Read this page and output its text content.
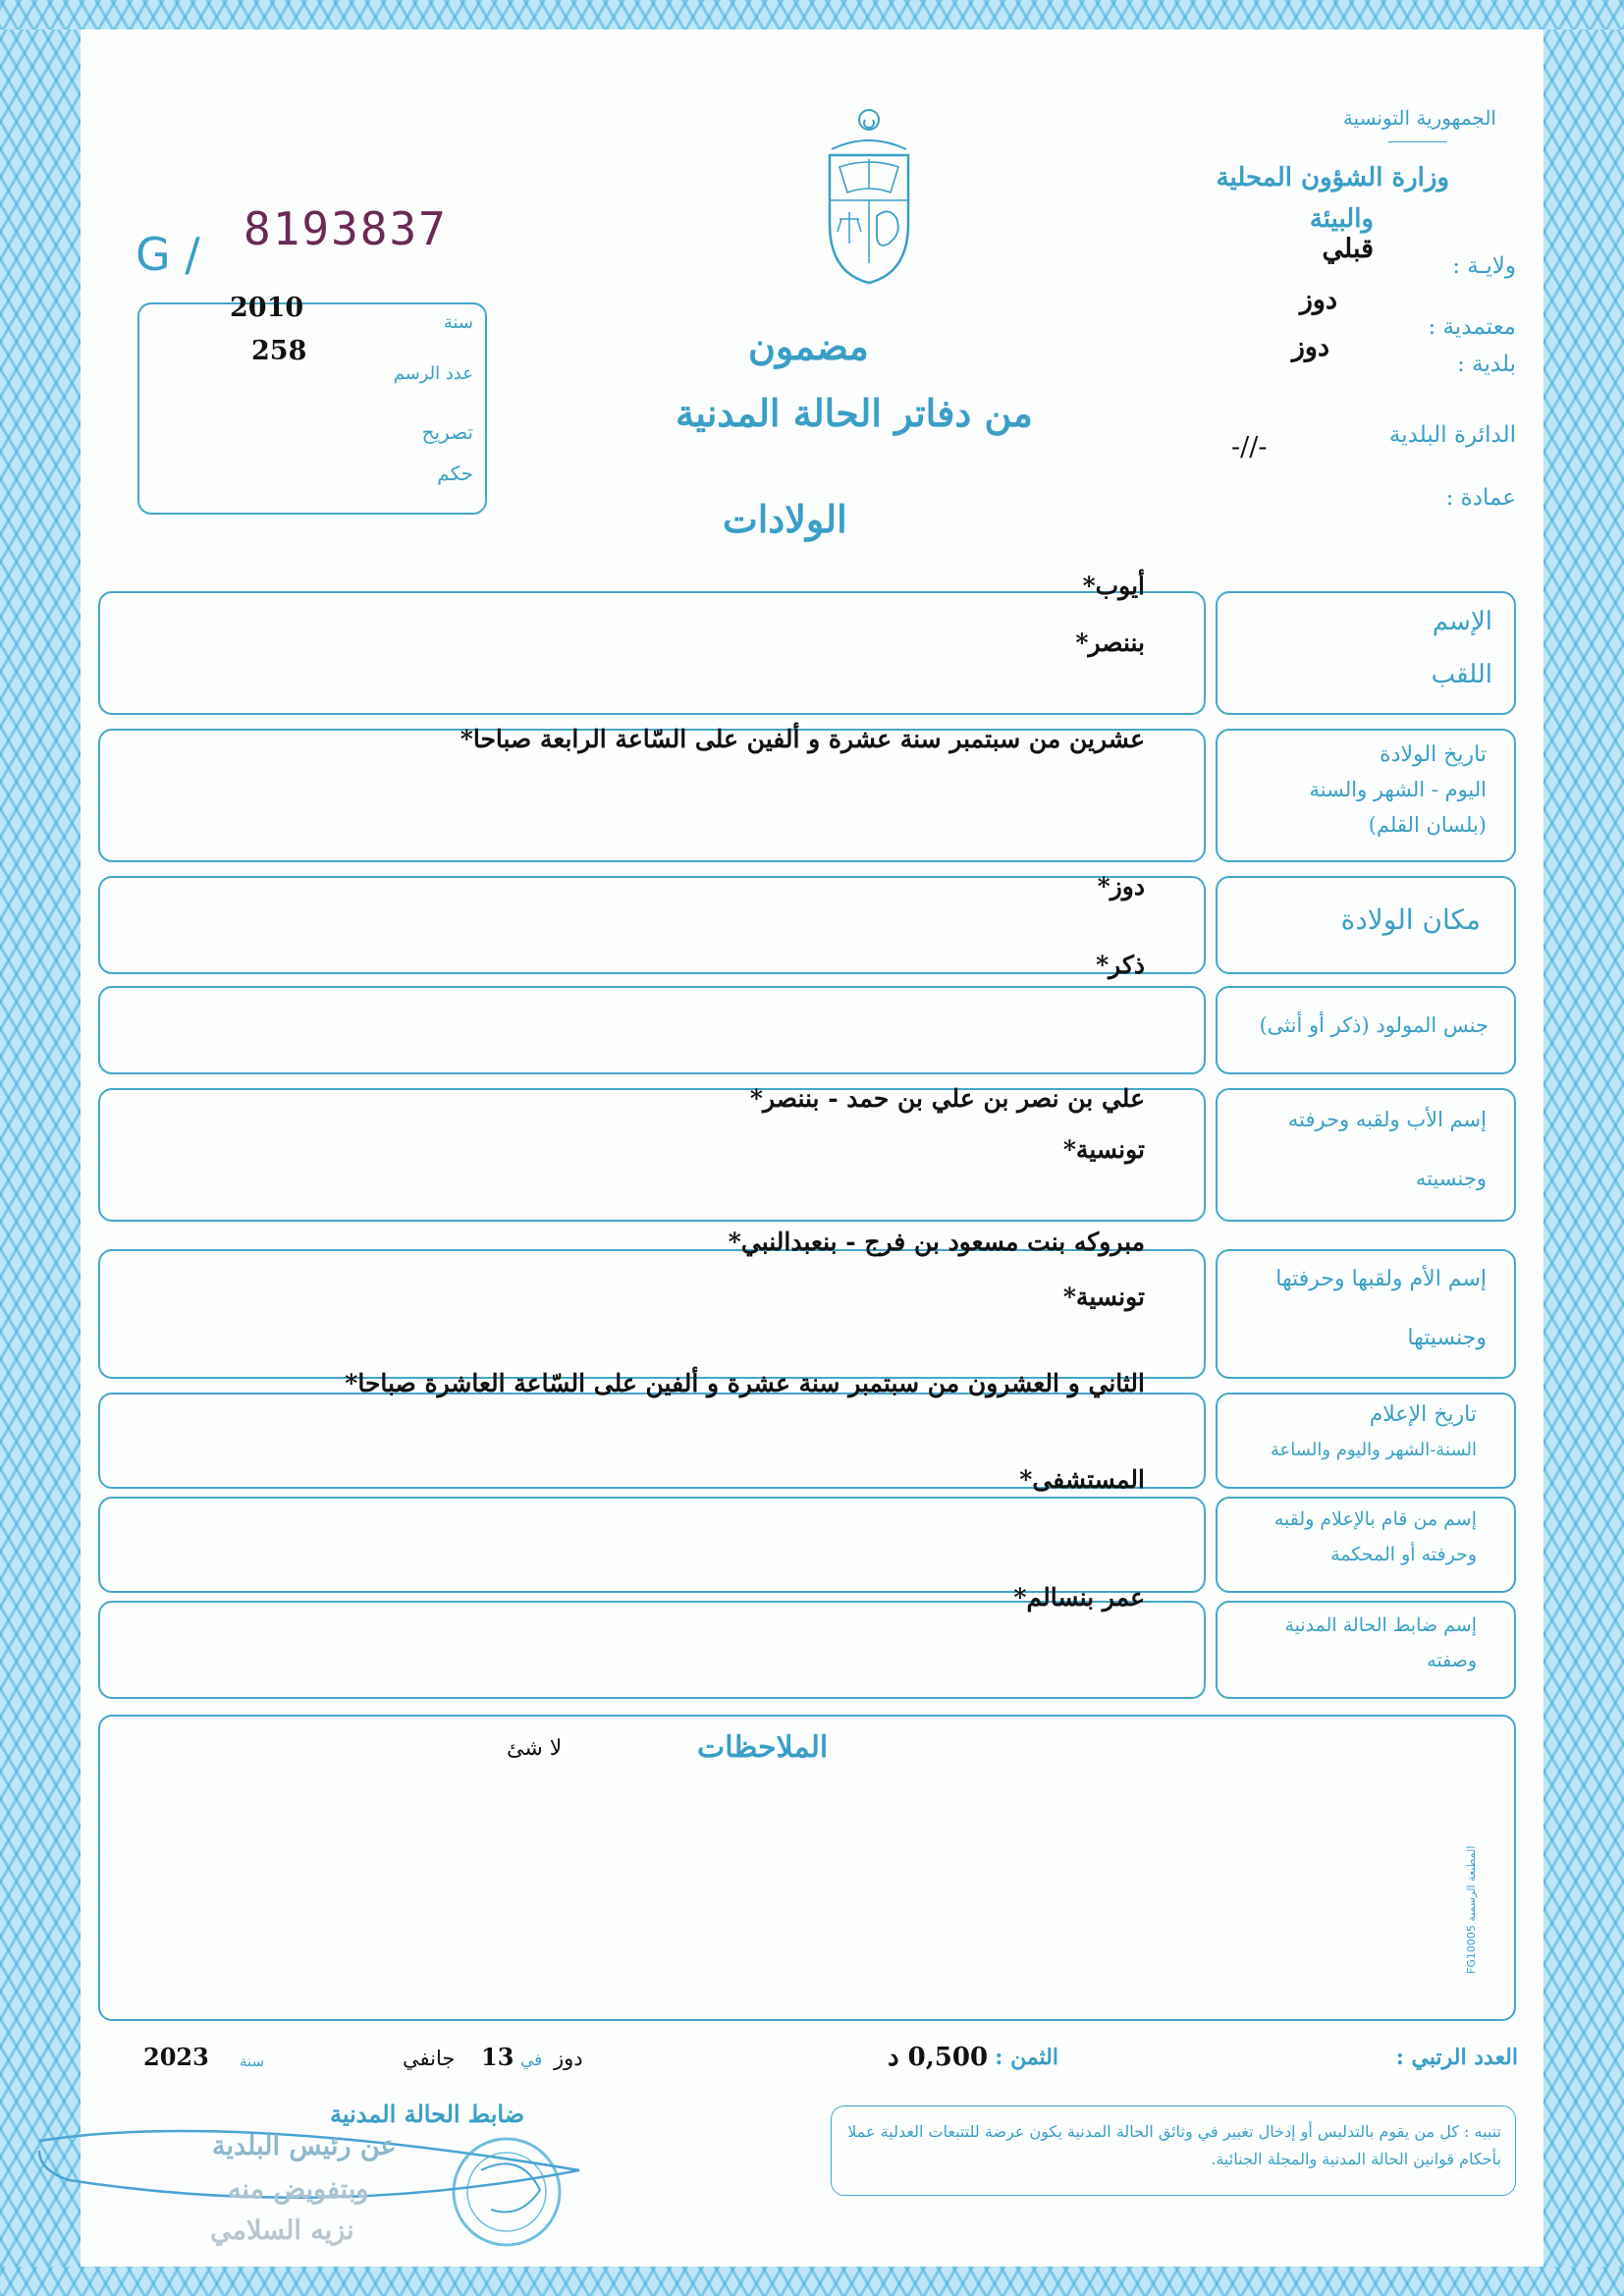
G / 8193837
2010	سنة
258
عدد الرسم
تصريح
حكم
الجمهورية التونسية
وزارة الشؤون المحلية
والبيئة
ولايـة :
قبلي
معتمدية :
دوز
بلدية :
دوز
الدائرة البلدية
-//-
عمادة :
مضمون
من دفاتر الحالة المدنية
الولادات
الإسم
اللقب
أيوب*
بننصر*
تاريخ الولادة
اليوم - الشهر والسنة
(بلسان القلم)
عشرين من سبتمبر سنة عشرة و ألفين على السّاعة الرابعة صباحا*
مكان الولادة
دوز*
ذكر*
جنس المولود (ذكر أو أنثى)
إسم الأب ولقبه وحرفته
وجنسيته
علي بن نصر بن علي بن حمد - بننصر*
تونسية*
إسم الأم ولقبها وحرفتها
وجنسيتها
مبروكه بنت مسعود بن فرج - بنعبدالنبي*
تونسية*
تاريخ الإعلام
السنة-الشهر واليوم والساعة
الثاني و العشرون من سبتمبر سنة عشرة و ألفين على السّاعة العاشرة صباحا*
المستشفى*
إسم من قام بالإعلام ولقبه
وحرفته أو المحكمة
إسم ضابط الحالة المدنية
وصفته
عمر بنسالم*
الملاحظات
لا شئ
المطبعة الرسمية FG10005
العدد الرتبي :
الثمن :
0,500 د
دوز
في
13
جانفي
سنة
2023
ضابط الحالة المدنية
عن رئيس البلدية
وبتفويض منه
نزيه السلامي
تنبيه : كل من يقوم بالتدليس أو إدخال تغيير في وثائق الحالة المدنية يكون عرضة للتتبعات العدلية عملا بأحكام قوانين الحالة المدنية والمجلة الجنائية.
